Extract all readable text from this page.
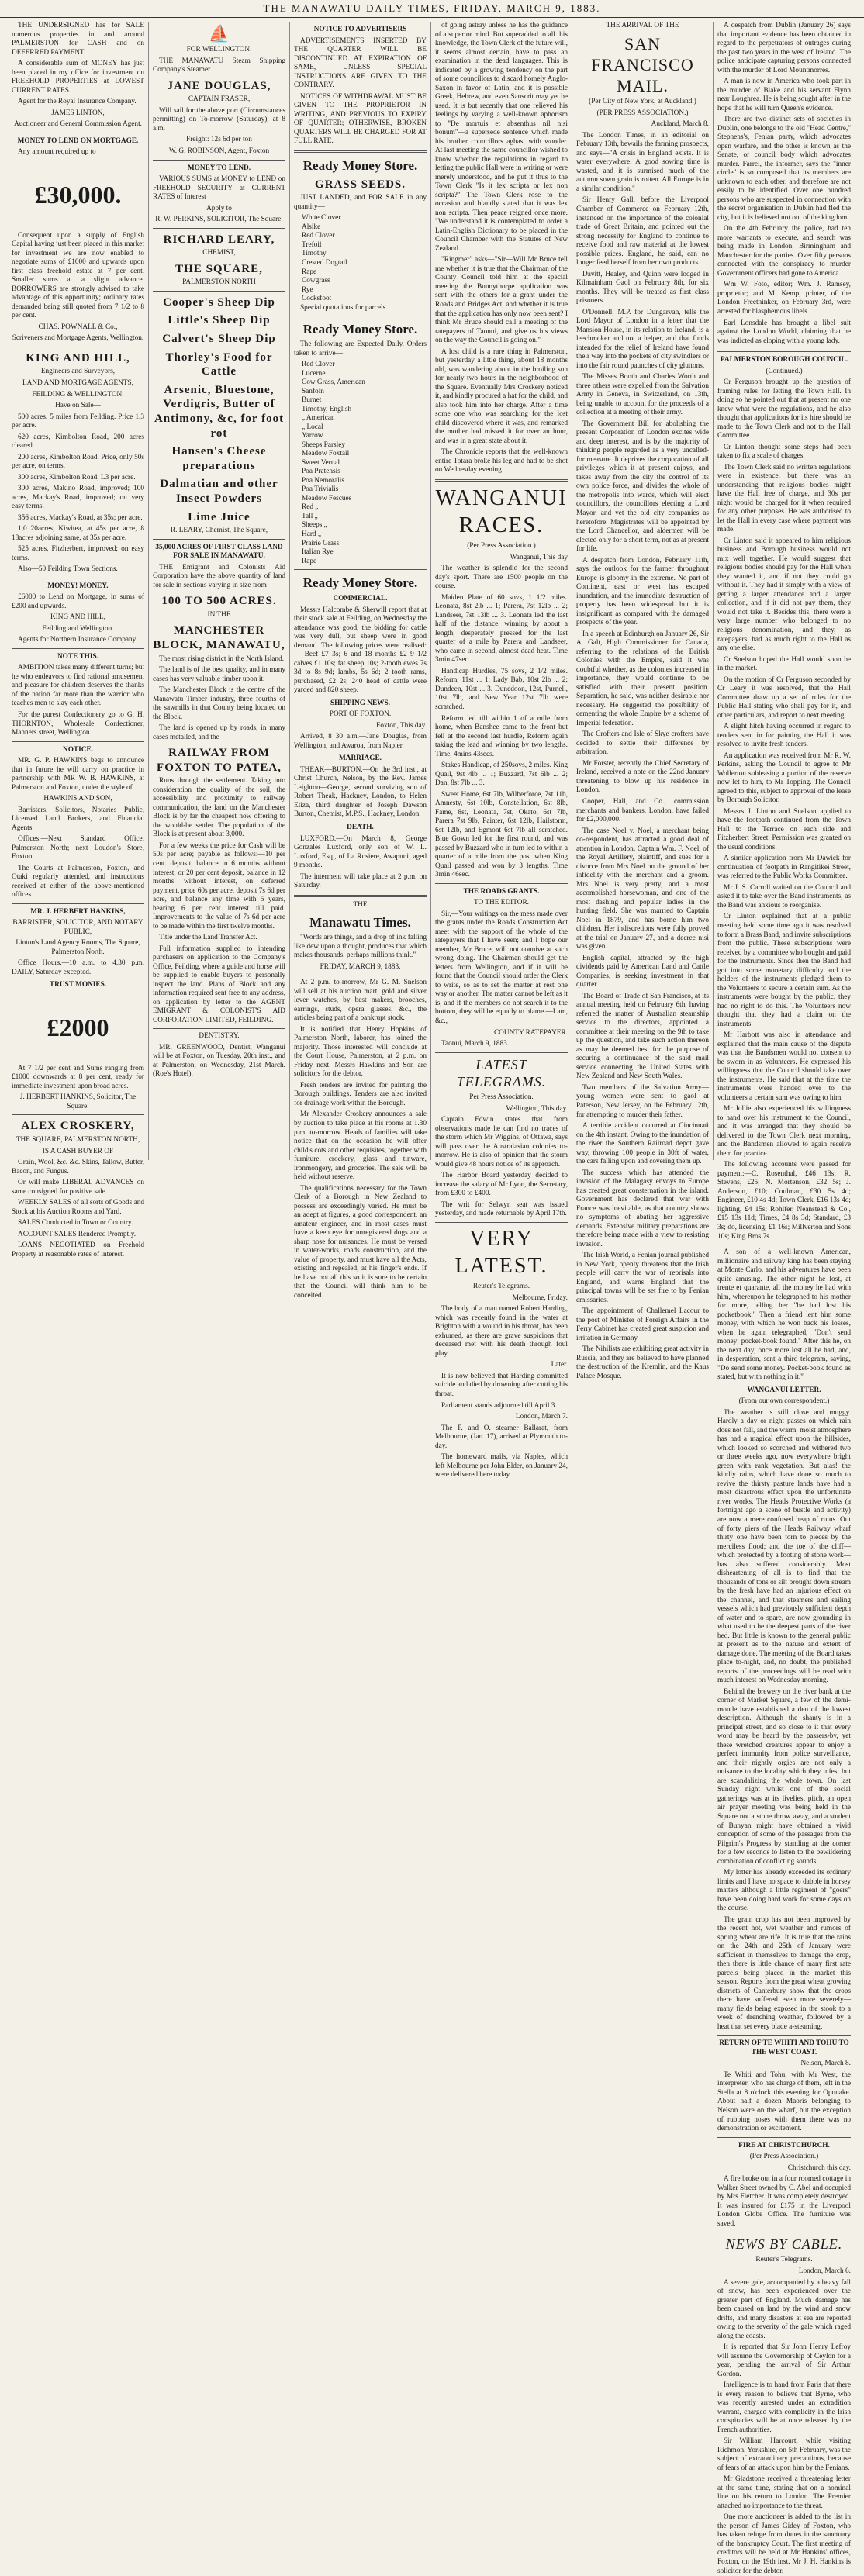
THE MANAWATU DAILY TIMES, FRIDAY, MARCH 9, 1883.

THE UNDERSIGNED has for SALE numerous properties in and around PALMERSTON for CASH and on DEFERRED PAYMENT.

A considerable sum of MONEY has just been placed in my office for investment on FREEHOLD PROPERTIES at LOWEST CURRENT RATES.

Agent for the Royal Insurance Company.

JAMES LINTON,

Auctioneer and General Commission Agent.

MONEY TO LEND ON MORTGAGE.

Any amount required up to

£30,000.

Consequent upon a supply of English Capital having just been placed in this market for investment we are now enabled to negotiate sums of £1000 and upwards upon first class freehold estate at 7 per cent. Smaller sums at a slight advance. BORROWERS are strongly advised to take advantage of this opportunity; ordinary rates demanded being still quoted from 7 1/2 to 8 per cent.

CHAS. POWNALL & Co.,

Scriveners and Mortgage Agents, Wellington.

KING AND HILL,

Engineers and Surveyors,

LAND AND MORTGAGE AGENTS,

FEILDING & WELLINGTON.

Have on Sale—

500 acres, 5 miles from Feilding. Price 1,3 per acre.

620 acres, Kimbolton Road, 200 acres cleared.

200 acres, Kimbolton Road. Price, only 50s per acre, on terms.

300 acres, Kimbolton Road, L3 per acre.

300 acres, Makino Road, improved; 100 acres, Mackay's Road, improved; on very easy terms.

356 acres, Mackay's Road, at 35s; per acre.

1,0 20acres, Kiwitea, at 45s per acre, 8 18acres adjoining same, at 35s per acre.

525 acres, Fitzherbert, improved; on easy terms.

Also—50 Feilding Town Sections.

MONEY! MONEY.

£6000 to Lend on Mortgage, in sums of £200 and upwards.

KING AND HILL,

Feilding and Wellington.

Agents for Northern Insurance Company.

NOTE THIS.

AMBITION takes many different turns; but he who endeavors to find rational amusement and pleasure for children deserves the thanks of the nation far more than the warrior who teaches men to slay each other.

For the purest Confectionery go to G. H. THORNTON, Wholesale Confectioner, Manners street, Wellington.

NOTICE.

MR. G. P. HAWKINS begs to announce that in future he will carry on practice in partnership with MR W. B. HAWKINS, at Palmerston and Foxton, under the style of

HAWKINS AND SON,

Barristers, Solicitors, Notaries Public, Licensed Land Brokers, and Financial Agents.

Offices.—Next Standard Office, Palmerston North; next Loudon's Store, Foxton.

The Courts at Palmerston, Foxton, and Otaki regularly attended, and instructions received at either of the above-mentioned offices.

MR. J. HERBERT HANKINS,

BARRISTER, SOLICITOR, AND NOTARY PUBLIC,

Linton's Land Agency Rooms, The Square, Palmerston North.

Office Hours.—10 a.m. to 4.30 p.m. DAILY, Saturday excepted.

TRUST MONIES.

£2000

At 7 1/2 per cent and Sums ranging from £1000 downwards at 8 per cent, ready for immediate investment upon broad acres.

J. HERBERT HANKINS, Solicitor, The Square.

ALEX CROSKERY,

THE SQUARE, PALMERSTON NORTH,

IS A CASH BUYER OF

Grain, Wool, &c. &c. Skins, Tallow, Butter, Bacon, and Fungus.

Or will make LIBERAL ADVANCES on same consigned for positive sale.

WEEKLY SALES of all sorts of Goods and Stock at his Auction Rooms and Yard.

SALES Conducted in Town or Country.

ACCOUNT SALES Rendered Promptly.

LOANS NEGOTIATED on Freehold Property at reasonable rates of interest.

⛵

FOR WELLINGTON.

THE MANAWATU Steam Shipping Company's Steamer

JANE DOUGLAS,

CAPTAIN FRASER,

Will sail for the above port (Circumstances permitting) on To-morrow (Saturday), at 8 a.m.

Freight: 12s 6d per ton

W. G. ROBINSON, Agent, Foxton

MONEY TO LEND.

VARIOUS SUMS at MONEY to LEND on FREEHOLD SECURITY at CURRENT RATES of Interest

Apply to

R. W. PERKINS, SOLICITOR, The Square.

RICHARD LEARY,

CHEMIST,

THE SQUARE,

PALMERSTON NORTH

Cooper's Sheep Dip

Little's Sheep Dip

Calvert's Sheep Dip

Thorley's Food for Cattle

Arsenic, Bluestone, Verdigris, Butter of Antimony, &c, for foot rot

Hansen's Cheese preparations

Dalmatian and other Insect Powders

Lime Juice

R. LEARY, Chemist, The Square,

35,000 ACRES OF FIRST CLASS LAND FOR SALE IN MANAWATU.

THE Emigrant and Colonists Aid Corporation have the above quantity of land for sale in sections varying in size from

100 TO 500 ACRES.

IN THE

MANCHESTER BLOCK, MANAWATU,

The most rising district in the North Island.

The land is of the best quality, and in many cases has very valuable timber upon it.

The Manchester Block is the centre of the Manawatu Timber industry, three fourths of the sawmills in that County being located on the Block.

The land is opened up by roads, in many cases metalled, and the

RAILWAY FROM FOXTON TO PATEA,

Runs through the settlement. Taking into consideration the quality of the soil, the accessibility and proximity to railway communication, the land on the Manchester Block is by far the cheapest now offering to the would-be settler. The population of the Block is at present about 3,000.

For a few weeks the price for Cash will be 50s per acre; payable as follows:—10 per cent. deposit, balance in 6 months without interest, or 20 per cent deposit, balance in 12 months' without interest, on deferred payment, price 60s per acre, deposit 7s 6d per acre, and balance any time with 5 years, bearing 6 per cent interest till paid. Improvements to the value of 7s 6d per acre to be made within the first twelve months.

Title under the Land Transfer Act.

Full information supplied to intending purchasers on application to the Company's Office, Feilding, where a guide and horse will be supplied to enable buyers to personally inspect the land. Plans of Block and any information required sent free to any address, on application by letter to the AGENT EMIGRANT & COLONIST'S AID CORPORATION LIMITED, FEILDING.

DENTISTRY.

MR. GREENWOOD, Dentist, Wanganui will be at Foxton, on Tuesday, 20th inst., and at Palmerston, on Wednesday, 21st March. (Roe's Hotel).

NOTICE TO ADVERTISERS

ADVERTISEMENTS INSERTED BY THE QUARTER WILL BE DISCONTINUED AT EXPIRATION OF SAME, UNLESS SPECIAL INSTRUCTIONS ARE GIVEN TO THE CONTRARY.

NOTICES OF WITHDRAWAL MUST BE GIVEN TO THE PROPRIETOR IN WRITING, AND PREVIOUS TO EXPIRY OF QUARTER; OTHERWISE, BROKEN QUARTERS WILL BE CHARGED FOR AT FULL RATE.

Ready Money Store.

GRASS SEEDS.

JUST LANDED, and FOR SALE in any quantity—

White Clover

Alsike

Red Clover

Trefoil

Timothy

Crested Dogtail

Rape

Cowgrass

Rye

Cocksfoot

Special quotations for parcels.

Ready Money Store.

The following are Expected Daily. Orders taken to arrive—

Red Clover

Lucerne

Cow Grass, American

Sanfoin

Burnet

Timothy, English

„ American

„ Local

Yarrow

Sheeps Parsley

Meadow Foxtail

Sweet Vernal

Poa Pratensis

Poa Nemoralis

Poa Trivialis

Meadow Fescues

Red „

Tall „

Sheeps „

Hard „

Prairie Grass

Italian Rye

Rape

Ready Money Store.

COMMERCIAL.

Messrs Halcombe & Sherwill report that at their stock sale at Feilding, on Wednesday the attendance was good, the bidding for cattle was very dull, but sheep were in good demand. The following prices were realised:— Beef £7 3s; 6 and 18 months £2 9 1/2 calves £1 10s; fat sheep 10s; 2-tooth ewes 7s 3d to 8s 9d; lambs, 5s 6d; 2 tooth rams, purchased, £2 2s; 240 head of cattle were yarded and 820 sheep.

SHIPPING NEWS.

PORT OF FOXTON.

Foxton, This day.

Arrived, 8 30 a.m.—Jane Douglas, from Wellington, and Awaroa, from Napier.

MARRIAGE.

THEAK—BURTON.—On the 3rd inst., at Christ Church, Nelson, by the Rev. James Leighton—George, second surviving son of Robert Theak, Hackney, London, to Helen Eliza, third daughter of Joseph Dawson Burton, Chemist, M.P.S., Hackney, London.

DEATH.

LUXFORD.—On March 8, George Gonzales Luxford, only son of W. L. Luxford, Esq., of La Rosiere, Awapuni, aged 9 months.

The interment will take place at 2 p.m. on Saturday.

THE

Manawatu Times.

"Words are things, and a drop of ink falling like dew upon a thought, produces that which makes thousands, perhaps millions think."

FRIDAY, MARCH 9, 1883.

At 2 p.m. to-morrow, Mr G. M. Snelson will sell at his auction mart, gold and silver lever watches, by best makers, brooches, earrings, studs, opera glasses, &c., the articles being part of a bankrupt stock.

It is notified that Henry Hopkins of Palmerston North, laborer, has joined the majority. Those interested will conclude at the Court House, Palmerston, at 2 p.m. on Friday next. Messrs Hawkins and Son are solicitors for the debtor.

Fresh tenders are invited for painting the Borough buildings. Tenders are also invited for drainage work within the Borough.

Mr Alexander Croskery announces a sale by auction to take place at his rooms at 1.30 p.m. to-morrow. Heads of families will take notice that on the occasion he will offer child's cots and other requisites, together with furniture, crockery, glass and tinware, ironmongery, and groceries. The sale will be held without reserve.

The qualifications necessary for the Town Clerk of a Borough in New Zealand to possess are exceedingly varied. He must be an adept at figures, a good correspondent, an amateur engineer, and in most cases must have a keen eye for unregistered dogs and a sharp nose for nuisances. He must be versed in water-works, roads construction, and the value of property, and must have all the Acts, existing and repealed, at his finger's ends. If he have not all this so it is sure to be certain that the Council will think him to be conceited.

of going astray unless he has the guidance of a superior mind. But superadded to all this knowledge, the Town Clerk of the future will, it seems almost certain, have to pass an examination in the dead languages. This is indicated by a growing tendency on the part of some councillors to discard homely Anglo-Saxon in favor of Latin, and it is possible Greek, Hebrew, and even Sanscrit may yet be used. It is but recently that one relieved his feelings by varying a well-known aphorism to "De mortuis et absenthus nil nisi bonum"—a supersede sentence which made his brother councillors aghast with wonder. At last meeting the same councillor wished to know whether the regulations in regard to letting the public Hall were in writing or were merely understood, and he put it thus to the Town Clerk "Is it lex scripta or lex non scripta?" The Town Clerk rose to the occasion and blandly stated that it was lex non scripta. Then peace reigned once more. "We understand it is contemplated to order a Latin-English Dictionary to be placed in the Council Chamber with the Statutes of New Zealand.

"Ringmer" asks—"Sir—Will Mr Bruce tell me whether it is true that the Chairman of the County Council told him at the special meeting the Bunnythorpe application was sent with the others for a grant under the Roads and Bridges Act, and whether it is true that the application has only now been sent? I think Mr Bruce should call a meeting of the ratepayers of Taonui, and give us his views on the way the Council is going on."

A lost child is a rare thing in Palmerston, but yesterday a little thing, about 18 months old, was wandering about in the broiling sun for nearly two hours in the neighborhood of the Square. Eventually Mrs Croskery noticed it, and kindly procured a hat for the child, and also took him into her charge. After a time some one who was searching for the lost child discovered where it was, and remarked the mother had missed it for over an hour, and was in a great state about it.

The Chronicle reports that the well-known entire Totara broke his leg and had to be shot on Wednesday evening.

WANGANUI RACES.

(Per Press Association.)

Wanganui, This day

The weather is splendid for the second day's sport. There are 1500 people on the course.

Maiden Plate of 60 sovs, 1 1/2 miles. Leonata, 8st 2lb ... 1; Parera, 7st 12lb ... 2; Landseer, 7st 13lb ... 3. Leonata led the last half of the distance, winning by about a length, desperately pressed for the last quarter of a mile by Parera and Landseer, who came in second, almost dead heat. Time 3min 47sec.

Handicap Hurdles, 75 sovs, 2 1/2 miles. Reform, 11st ... 1; Lady Bab, 10st 2lb ... 2; Dundeen, 10st ... 3. Dunedoon, 12st, Purnell, 10st 7lb, and New Year 12st 7lb were scratched.

Reform led till within 1 of a mile from home, when Banshee came to the front but fell at the second last hurdle, Reform again taking the lead and winning by two lengths. Time, 4mins 43secs.

Stakes Handicap, of 250sovs, 2 miles. King Quail, 9st 4lb ... 1; Buzzard, 7st 6lb ... 2; Dan, 8st 7lb ... 3.

Sweet Home, 6st 7lb, Wilberforce, 7st 11b, Amnesty, 6st 10lb, Constellation, 6st 8lb, Fame, 8st, Leonata, 7st, Okato, 6st 7lb, Parera 7st 9lb, Painter, 6st 12lb, Hailstorm, 6st 12lb, and Egmont 6st 7lb all scratched. Blue Gown led for the first round, and was passed by Buzzard who in turn led to within a quarter of a mile from the post when King Quail passed and won by 3 lengths. Time 3min 46sec.

THE ROADS GRANTS.

TO THE EDITOR.

Sir,—Your writings on the mess made over the grants under the Roads Construction Act meet with the support of the whole of the ratepayers that I have seen; and I hope our member, Mr Bruce, will not connive at such wrong doing. The Chairman should get the letters from Wellington, and if it will be found that the Council should order the Clerk to write, so as to set the matter at rest one way or another. The matter cannot be left as it is, and if the members do not search it to the bottom, they will be equally to blame.—I am, &c.,

COUNTY RATEPAYER.

Taonui, March 9, 1883.

LATEST TELEGRAMS.

Per Press Association.

Wellington, This day.

Captain Edwin states that from observations made he can find no traces of the storm which Mr Wiggins, of Ottawa, says will pass over the Australasian colonies to-morrow. He is also of opinion that the storm would give 48 hours notice of its approach.

The Harbor Board yesterday decided to increase the salary of Mr Lyon, the Secretary, from £300 to £400.

The writ for Selwyn seat was issued yesterday, and made returnable by April 17th.

VERY LATEST.

Reuter's Telegrams.

Melbourne, Friday.

The body of a man named Robert Harding, which was recently found in the water at Brighton with a wound in his throat, has been exhumed, as there are grave suspicions that deceased met with his death through foul play.

Later.

It is now believed that Harding committed suicide and died by drowning after cutting his throat.

Parliament stands adjourned till April 3.

London, March 7.

The P. and O. steamer Ballarat, from Melbourne, (Jan. 17), arrived at Plymouth to-day.

The homeward mails, via Naples, which left Melbourne per John Elder, on January 24, were delivered here today.

THE ARRIVAL OF THE

SAN FRANCISCO MAIL.

(Per City of New York, at Auckland.)

(PER PRESS ASSOCIATION.)

Auckland, March 8.

The London Times, in an editorial on February 13th, bewails the farming prospects, and says—"A crisis in England exists. It is water everywhere. A good sowing time is wasted, and it is surmised much of the autumn sown grain is rotten. All Europe is in a similar condition."

Sir Henry Gall, before the Liverpool Chamber of Commerce on February 12th, instanced on the importance of the colonial trade of Great Britain, and pointed out the strong necessity for England to continue to receive food and raw material at the lowest possible prices. England, he said, can no longer feed herself from her own products.

Davitt, Healey, and Quinn were lodged in Kilmainham Gaol on February 8th, for six months. They will be treated as first class prisoners.

O'Donnell, M.P. for Dungarvan, tells the Lord Mayor of London in a letter that the Mansion House, in its relation to Ireland, is a leechmoker and not a helper, and that funds intended for the relief of Ireland have found their way into the pockets of city swindlers or into the fair round paunches of city gluttons.

The Misses Booth and Charles Worth and three others were expelled from the Salvation Army in Geneva, in Switzerland, on 13th, being unable to account for the proceeds of a collection at a meeting of their army.

The Government Bill for abolishing the present Corporation of London excites wide and deep interest, and is by the majority of thinking people regarded as a very uncalled-for measure. It deprives the corporation of all privileges which it at present enjoys, and takes away from the city the control of its own police force, and divides the whole of the metropolis into wards, which will elect councillors, the councillors electing a Lord Mayor, and yet the old city companies as heretofore. Magistrates will be appointed by the Lord Chancellor, and aldermen will be elected only for a short term, not as at present for life.

A despatch from London, February 11th, says the outlook for the farmer throughout Europe is gloomy in the extreme. No part of Continent, east or west has escaped inundation, and the immediate destruction of property has been widespread but it is insignificant as compared with the damaged prospects of the year.

In a speech at Edinburgh on January 26, Sir A. Galt, High Commissioner for Canada, referring to the relations of the British Colonies with the Empire, said it was doubtful whether, as the colonies increased in importance, they would continue to be satisfied with their present position. Separation, he said, was neither desirable nor necessary. He suggested the possibility of cementing the whole Empire by a scheme of Imperial federation.

The Crofters and Isle of Skye crofters have decided to settle their difference by arbitration.

Mr Forster, recently the Chief Secretary of Ireland, received a note on the 22nd January threatening to blow up his residence in London.

Cooper, Hall, and Co., commission merchants and bankers, London, have failed for £2,000,000.

The case Noel v. Noel, a merchant being co-respondent, has attracted a good deal of attention in London. Captain Wm. F. Noel, of the Royal Artillery, plaintiff, and sues for a divorce from Mrs Noel on the ground of her infidelity with the merchant and a groom. Mrs Noel is very pretty, and a most accomplished horsewoman, and one of the most dashing and popular ladies in the hunting field. She was married to Captain Noel in 1879, and has borne him two children. Her indiscretions were fully proved at the trial on January 27, and a decree nisi was given.

English capital, attracted by the high dividends paid by American Land and Cattle Companies, is seeking investment in that quarter.

The Board of Trade of San Francisco, at its annual meeting held on February 6th, having referred the matter of Australian steamship service to the directors, appointed a committee at their meeting on the 9th to take up the question, and take such action thereon as may be deemed best for the purpose of securing a continuance of the said mail service connecting the United States with New Zealand and New South Wales.

Two members of the Salvation Army—young women—were sent to gaol at Paterson, New Jersey, on the February 12th, for attempting to murder their father.

A terrible accident occurred at Cincinnati on the 4th instant. Owing to the inundation of the river the Southern Railroad depot gave way, throwing 100 people in 30ft of water, the cars falling upon and covering them up.

The success which has attended the invasion of the Malagasy envoys to Europe has created great consternation in the island. Government has declared that war with France was inevitable, as that country shows no symptoms of abating her aggressive demands. Extensive military preparations are therefore being made with a view to resisting invasion.

The Irish World, a Fenian journal published in New York, openly threatens that the Irish people will carry the war of reprisals into England, and warns England that the principal towns will be set fire to by Fenian emissaries.

The appointment of Challemel Lacour to the post of Minister of Foreign Affairs in the Ferry Cabinet has created great suspicion and irritation in Germany.

The Nihilists are exhibiting great activity in Russia, and they are believed to have planned the destruction of the Kremlin, and the Kaus Palace Mosque.

A despatch from Dublin (January 26) says that important evidence has been obtained in regard to the perpetrators of outrages during the past two years in the west of Ireland. The police anticipate capturing persons connected with the murder of Lord Mountmorres.

A man is now in America who took part in the murder of Blake and his servant Flynn near Loughrea. He is being sought after in the hope that he will turn Queen's evidence.

There are two distinct sets of societies in Dublin, one belongs to the old "Head Centre," Stephens's, Fenian party, which advocates open warfare, and the other is known as the Senate, or council body which advocates murder. Farrel, the informer, says the "inner circle" is so composed that its members are unknown to each other, and therefore are not easily to be identified. Over one hundred persons who are suspected in connection with the secret organisation in Dublin had fled the city, but it is believed not out of the kingdom.

On the 4th February the police, had ten more warrants to execute, and search was being made in London, Birmingham and Manchester for the parties. Over fifty persons connected with the conspiracy to murder Government officers had gone to America.

Wm W. Foto, editor; Wm. J. Ramsey, proprietor; and M. Kemp, printer, of the London Freethinker, on February 3rd, were arrested for blasphemous libels.

Earl Lonsdale has brought a libel suit against the London World, claiming that he was indicted as eloping with a young lady.

PALMERSTON BOROUGH COUNCIL.

(Continued.)

Cr Ferguson brought up the question of framing rules for letting the Town Hall. In doing so he pointed out that at present no one knew what were the regulations, and he also thought that applications for its hire should be made to the Town Clerk and not to the Hall Committee.

Cr Linton thought some steps had been taken to fix a scale of charges.

The Town Clerk said no written regulations were in existence, but there was an understanding that religious bodies might have the Hall free of charge, and 30s per night would be charged for it when required for any other purposes. He was authorised to let the Hall in every case where payment was made.

Cr Linton said it appeared to him religious business and Borough business would not mix well together. He would suggest that religious bodies should pay for the Hall when they wanted it, and if not they could go without it. They had it simply with a view of getting a larger attendance and a larger collection, and if it did not pay them, they would not take it. Besides this, there were a very large number who belonged to no religious denomination, and they, as ratepayers, had as much right to the Hall as any one else.

Cr Snelson hoped the Hall would soon be in the market.

On the motion of Cr Ferguson seconded by Cr Leary it was resolved, that the Hall Committee draw up a set of rules for the Public Hall stating who shall pay for it, and other particulars, and report to next meeting.

A slight hitch having occurred in regard to tenders sent in for painting the Hall it was resolved to invite fresh tenders.

An application was received from Mr R. W. Perkins, asking the Council to agree to Mr Wollerton subleasing a portion of the reserve now let to him, to Mr Topping. The Council agreed to this, subject to approval of the lease by Borough Solicitor.

Messrs J. Linton and Snelson applied to have the footpath continued from the Town Hall to the Terrace on each side and Fitzherbert Street. Permission was granted on the usual conditions.

A similar application from Mr Dawick for continuation of footpath in Rangitikei Street, was referred to the Public Works Committee.

Mr J. S. Carroll waited on the Council and asked it to take over the Band instruments, as the Band was anxious to reorganise.

Cr Linton explained that at a public meeting held some time ago it was resolved to form a Brass Band, and invite subscriptions from the public. These subscriptions were received by a committee who bought and paid for the instruments. Since then the Band had got into some monetary difficulty and the holders of the instruments pledged them to the Volunteers to secure a certain sum. As the instruments were bought by the public, they had no right to do this. The Volunteers now thought that they had a claim on the instruments.

Mr Harbott was also in attendance and explained that the main cause of the dispute was that the Bandsmen would not consent to be sworn in as Volunteers. He expressed his willingness that the Council should take over the instruments. He said that at the time the instruments were handed over to the volunteers a certain sum was owing to him.

Mr Jollie also experienced his willingness to hand over his instrument to the Council, and it was arranged that they should be delivered to the Town Clerk next morning, and the Bandsmen allowed to again receive them for practice.

The following accounts were passed for payment:—C. Rosenthal, £46 13s; R. Stevens, £25; N. Mortenson, £32 5s; J. Anderson, £10; Coulman, £30 5s 4d; Engineer, £10 4s 4d; Town Clerk, £16 13s 4d; lighting, £4 15s; Rohlfer, Neanstead & Co., £15 13s 11d; Times, £4 8s 3d; Standard, £3 3s; do, licensing, £1 16s; Millverton and Sons 10s; King Bros 7s.

A son of a well-known American, millionaire and railway king has been staying at Monte Carlo, and his adventures have been quite amusing. The other night he lost, at trente et quarante, all the money he had with him, whereupon he telegraphed to his mother for more, telling her "he had lost his pocketbook." Then a friend lent him some money, with which he won back his losses, when he again telegraphed, "Don't send money; pocket-book found." After this he, on the next day, once more lost all he had, and, in desperation, sent a third telegram, saying, "Do send some money. Pocket-book found as stated, but with nothing in it."

WANGANUI LETTER.

(From our own correspondent.)

The weather is still close and muggy. Hardly a day or night passes on which rain does not fall, and the warm, moist atmosphere has had a magical effect upon the hillsides, which looked so scorched and withered two or three weeks ago, now everywhere bright green with rank vegetation. But alas! the kindly rains, which have done so much to revive the thirsty pasture lands have had a most disastrous effect upon the unfortunate river works. The Heads Protective Works (a fortnight ago a scene of bustle and activity) are now a mere confused heap of ruins. Out of forty piers of the Heads Railway wharf thirty one have been torn to pieces by the merciless flood; and the toe of the cliff—which protected by a footing of stone work—has also suffered considerably. Most disheartening of all is to find that the thousands of tons or silt brought down stream by the fresh have had an injurious effect on the channel, and that steamers and sailing vessels which had previously sufficient depth of water and to spare, are now grounding in what used to be the deepest parts of the river bed. But little is known to the general public at present as to the nature and extent of damage done. The meeting of the Board takes place to-night, and, no doubt, the published reports of the proceedings will be read with much interest on Wednesday morning.

Behind the brewery on the river bank at the corner of Market Square, a few of the demi-monde have established a den of the lowest description. Although the shanty is in a principal street, and so close to it that every word may be heard by the passers-by, yet these wretched creatures appear to enjoy a perfect immunity from police surveillance, and their nightly orgies are not only a nuisance to the locality which they infest but are scandalizing the whole town. On last Sunday night whilst one of the social gatherings was at its liveliest pitch, an open air prayer meeting was being held in the Square not a stone throw away, and a student of Bunyan might have obtained a vivid conception of some of the passages from the Pilgrim's Progress by standing at the corner for a few seconds to listen to the bewildering combination of conflicting sounds.

My lotter has already exceeded its ordinary limits and I have no space to dabble in horsey matters although a little regiment of "goers" have been doing hard work for some days on the course.

The grain crop has not been improved by the recent hot, wet weather and rumors of sprung wheat are rife. It is true that the rains on the 24th and 25th of January were sufficient in themselves to damage the crop, then there is little chance of many first rate parcels being placed in the market this season. Reports from the great wheat growing districts of Canterbury show that the crops there have suffered even more severely—many fields being exposed in the stook to a week of drenching weather, followed by a heat that set every blade a-steaming.

RETURN OF TE WHITI AND TOHU TO THE WEST COAST.

Nelson, March 8.

Te Whiti and Tohu, with Mr West, the interpreter, who has charge of them, left in the Stella at 8 o'clock this evening for Opunake. About half a dozen Maoris belonging to Nelson were on the wharf, but the exception of rubbing noses with them there was no demonstration or excitement.

FIRE AT CHRISTCHURCH.

(Per Press Association.)

Christchurch this day.

A fire broke out in a four roomed cottage in Walker Street owned by C. Abel and occupied by Mrs Fletcher. It was completely destroyed. It was insured for £175 in the Liverpool London Globe Office. The furniture was saved.

NEWS BY CABLE.

Reuter's Telegrams.

London, March 6.

A severe gale, accompanied by a heavy fall of snow, has been experienced over the greater part of England. Much damage has been caused on land by the wind and snow drifts, and many disasters at sea are reported owing to the severity of the gale which raged along the coasts.

It is reported that Sir John Henry Lefroy will assume the Governorship of Ceylon for a year, pending the arrival of Sir Arthur Gordon.

Intelligence is to hand from Paris that there is every reason to believe that Byrne, who was recently arrested under an extradition warrant, charged with complicity in the Irish conspiracies will be at once released by the French authorities.

Sir William Harcourt, while visiting Richmon, Yorkshire, on 5th February, was the subject of extraordinary precautions, because of fears of an attack upon him by the Fenians.

Mr Gladstone received a threatening letter at the same time, stating that on a nominal line on his return to London. The Premier attached no importance to the threat.

One more auctioneer is added to the list in the person of James Gidey of Foxton, who has taken refuge from dunes in the sanctuary of the bankruptcy Court. The first meeting of creditors will be held at Mr Hankins' offices, Foxton, on the 19th inst. Mr J. H. Hankins is solicitor for the debtor.
